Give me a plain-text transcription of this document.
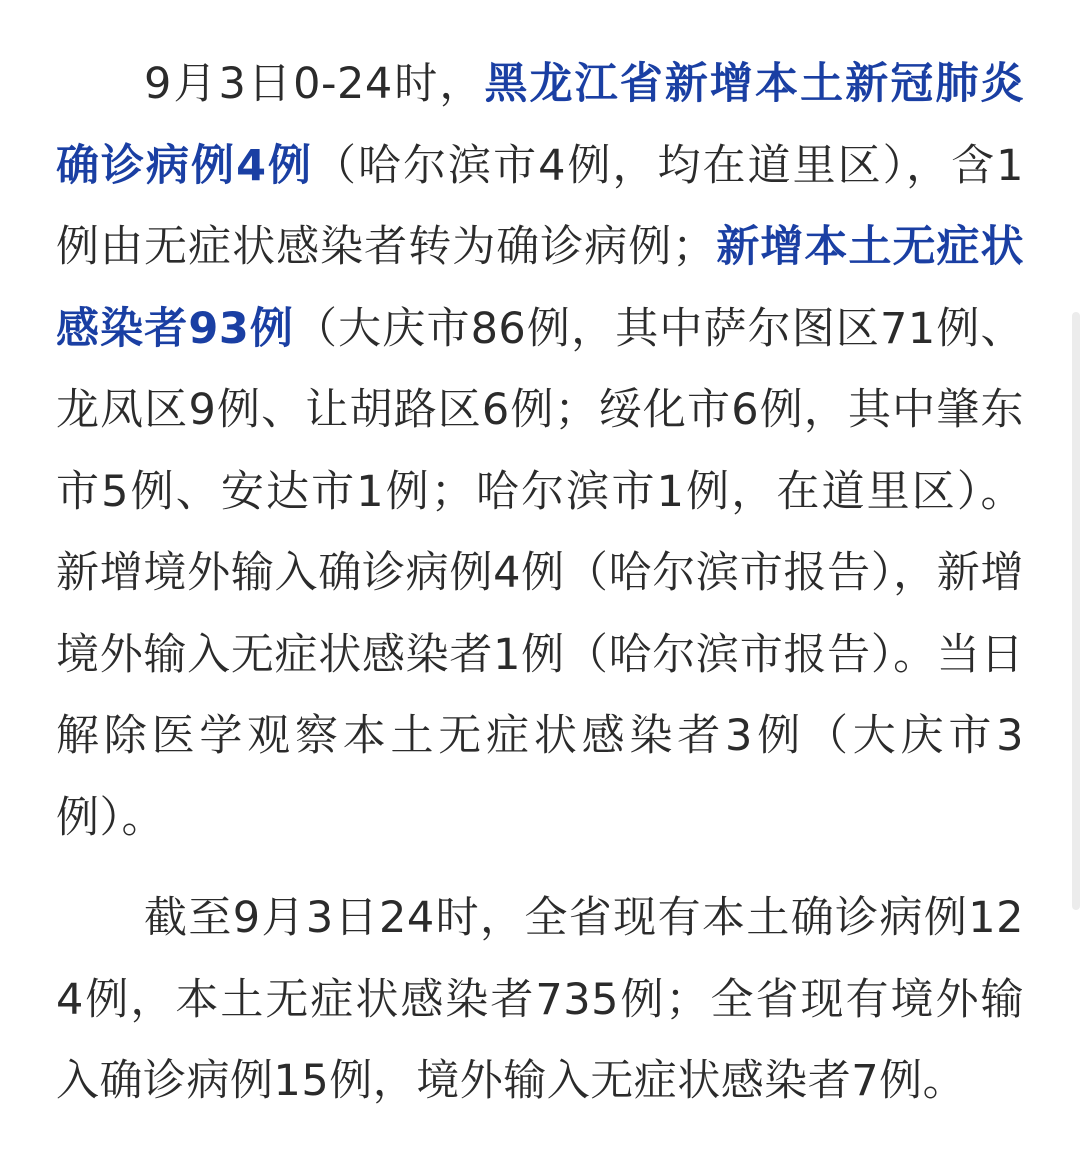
9月3日0-24时，黑龙江省新增本土新冠肺炎确诊病例4例（哈尔滨市4例，均在道里区），含1例由无症状感染者转为确诊病例；新增本土无症状感染者93例（大庆市86例，其中萨尔图区71例、龙凤区9例、让胡路区6例；绥化市6例，其中肇东市5例、安达市1例；哈尔滨市1例，在道里区）。新增境外输入确诊病例4例（哈尔滨市报告），新增境外输入无症状感染者1例（哈尔滨市报告）。当日解除医学观察本土无症状感染者3例（大庆市3例）。

截至9月3日24时，全省现有本土确诊病例124例，本土无症状感染者735例；全省现有境外输入确诊病例15例，境外输入无症状感染者7例。
